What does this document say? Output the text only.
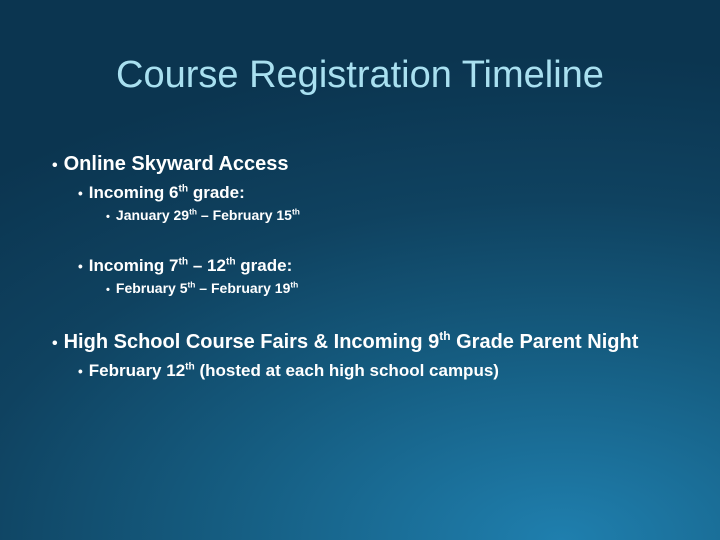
Course Registration Timeline
• Online Skyward Access
• Incoming 6th grade:
• January 29th – February 15th
• Incoming 7th – 12th grade:
• February 5th – February 19th
• High School Course Fairs & Incoming 9th Grade Parent Night
• February 12th (hosted at each high school campus)
